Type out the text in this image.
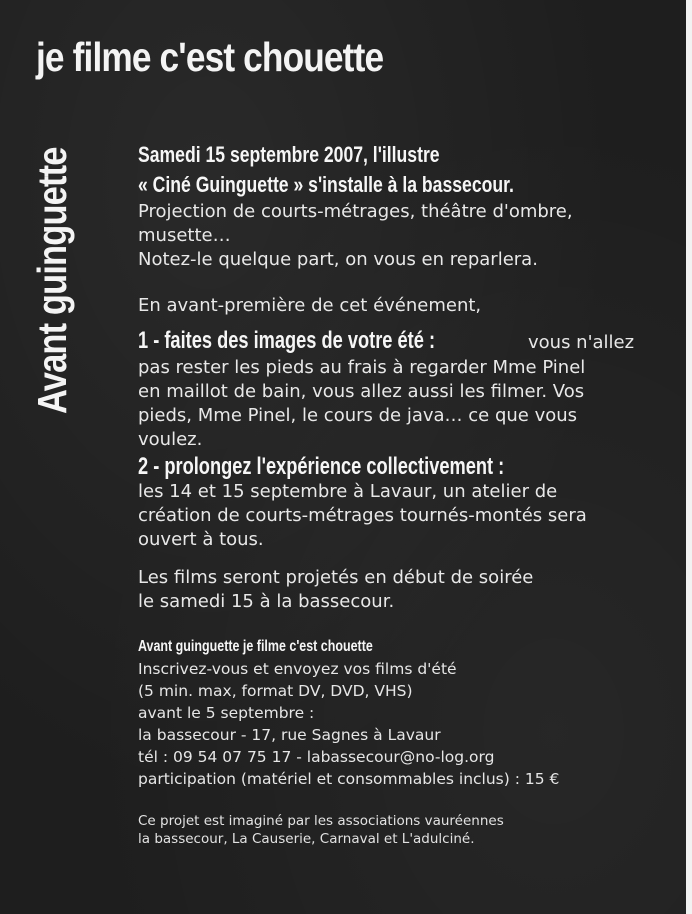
je filme c'est chouette
Avant guinguette	Samedi 15 septembre 2007, l'illustre
« Ciné Guinguette » s'installe à la bassecour.

Projection de courts-métrages, théâtre d'ombre,

musette…

Notez-le quelque part, on vous en reparlera.

En avant-première de cet événement,

1 - faites des images de votre été :	vous n'allez

pas rester les pieds au frais à regarder Mme Pinel

en maillot de bain, vous allez aussi les filmer. Vos

pieds, Mme Pinel, le cours de java… ce que vous

voulez.

2 - prolongez l'expérience collectivement :

les 14 et 15 septembre à Lavaur, un atelier de

création de courts-métrages tournés-montés sera

ouvert à tous.

Les films seront projetés en début de soirée

le samedi 15 à la bassecour.

Avant guinguette je filme c'est chouette

Inscrivez-vous et envoyez vos films d'été

(5 min. max, format DV, DVD, VHS)

avant le 5 septembre :

la bassecour - 17, rue Sagnes à Lavaur

tél : 09 54 07 75 17 - labassecour@no-log.org

participation (matériel et consommables inclus) : 15 €

Ce projet est imaginé par les associations vauréennes

la bassecour, La Causerie, Carnaval et L'adulciné.
